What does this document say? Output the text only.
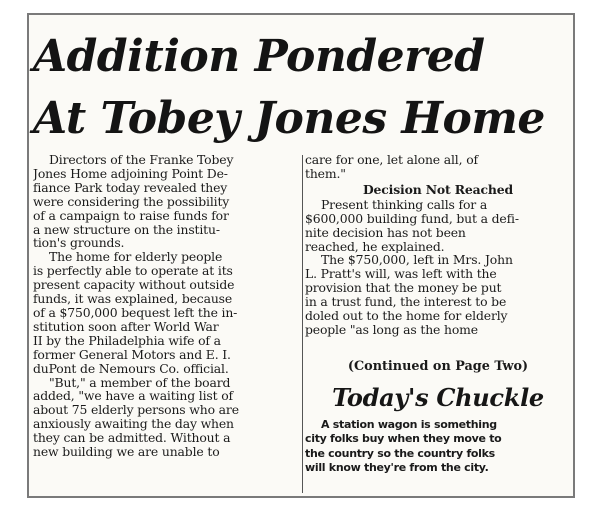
Addition Pondered
At Tobey Jones Home

Directors of the Franke Tobey

Jones Home adjoining Point De-

fiance Park today revealed they

were considering the possibility

of a campaign to raise funds for

a new structure on the institu-

tion's grounds.

The home for elderly people

is perfectly able to operate at its

present capacity without outside

funds, it was explained, because

of a $750,000 bequest left the in-

stitution soon after World War

II by the Philadelphia wife of a

former General Motors and E. I.

duPont de Nemours Co. official.

"But," a member of the board

added, "we have a waiting list of

about 75 elderly persons who are

anxiously awaiting the day when

they can be admitted. Without a

new building we are unable to

care for one, let alone all, of

them."

Decision Not Reached

Present thinking calls for a

$600,000 building fund, but a defi-

nite decision has not been

reached, he explained.

The $750,000, left in Mrs. John

L. Pratt's will, was left with the

provision that the money be put

in a trust fund, the interest to be

doled out to the home for elderly

people "as long as the home

(Continued on Page Two)
Today's Chuckle

A station wagon is something

city folks buy when they move to

the country so the country folks

will know they're from the city.
